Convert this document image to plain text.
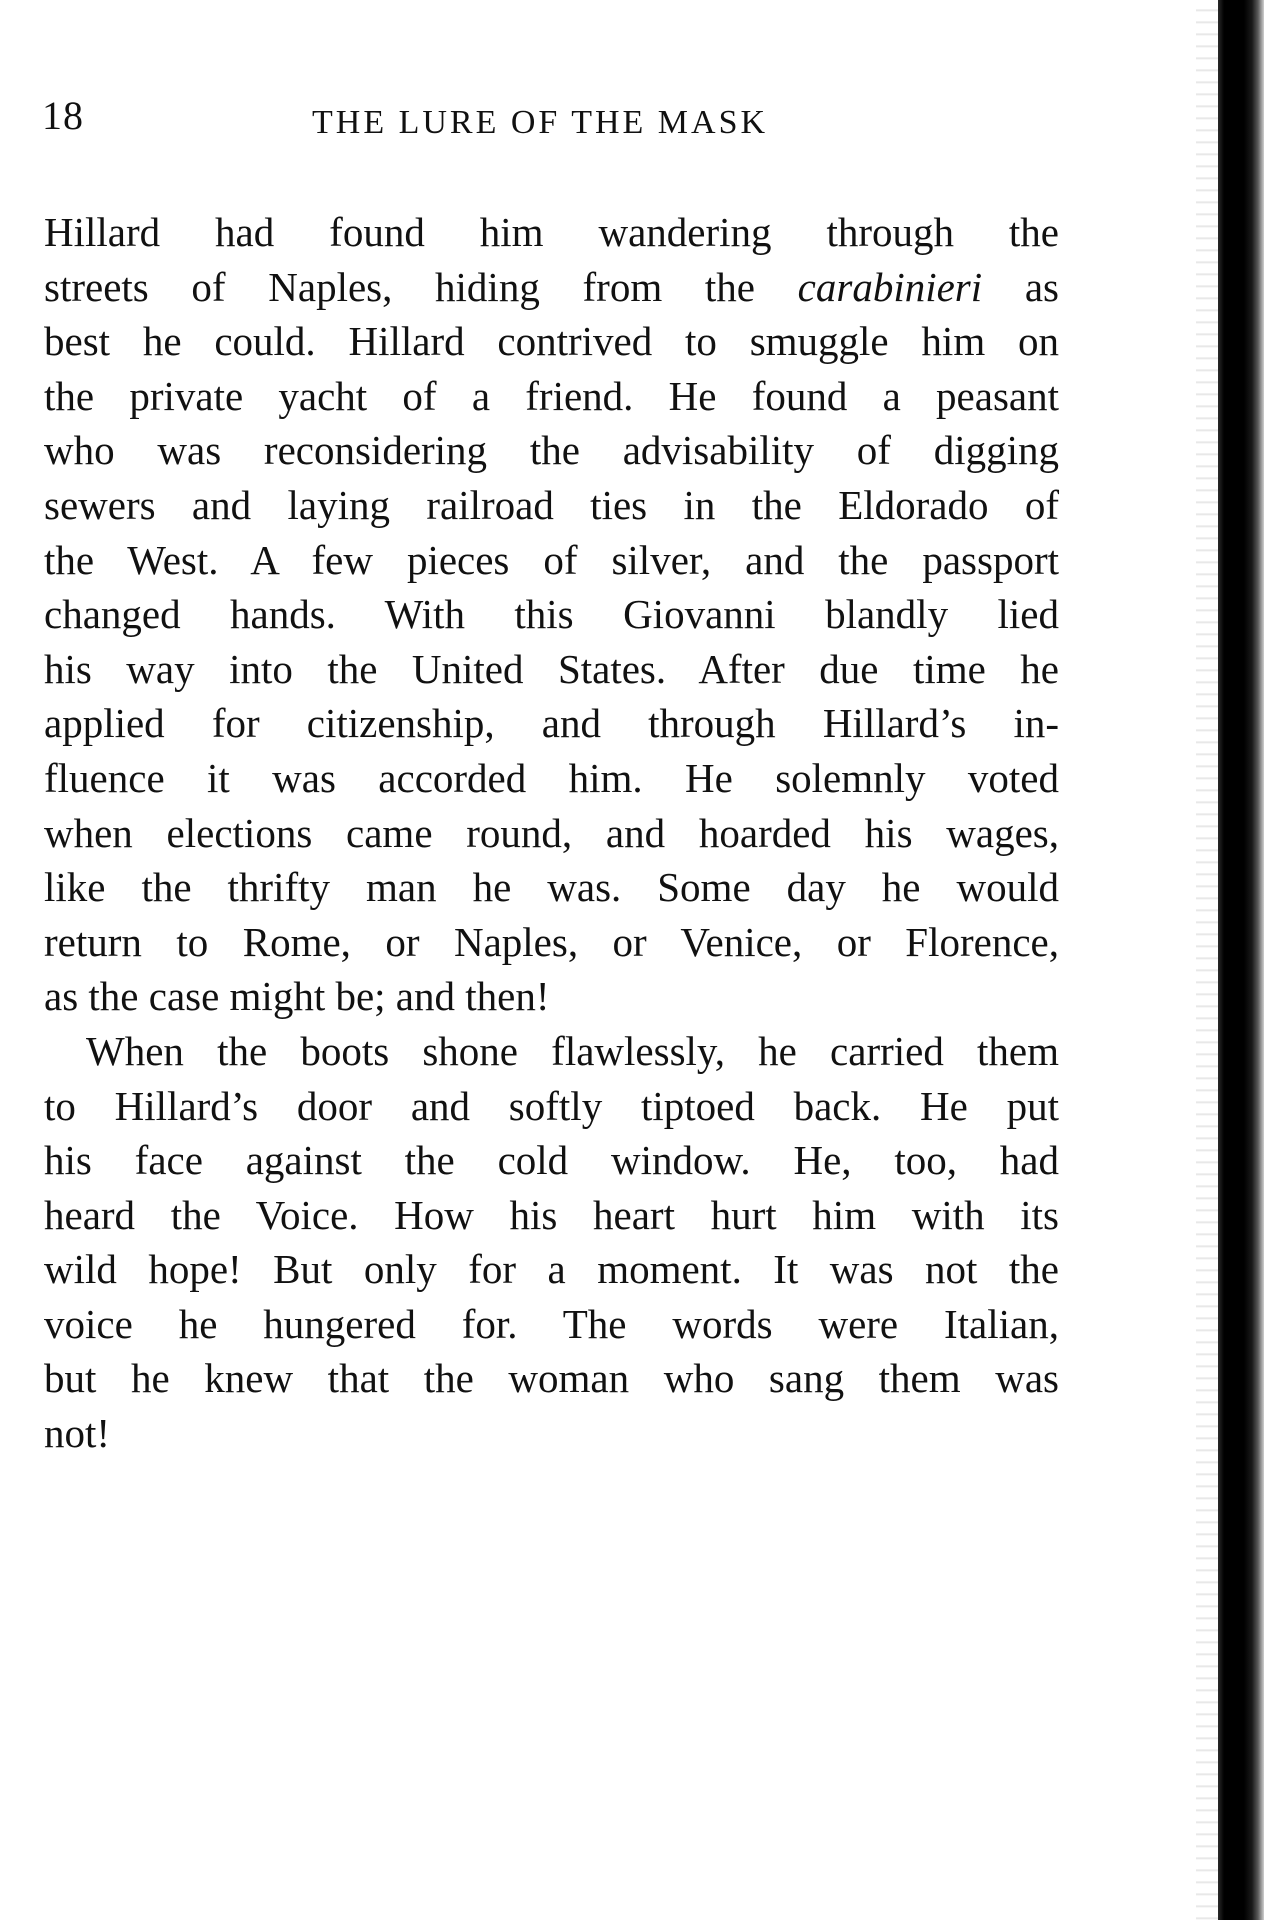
18	THE LURE OF THE MASK

Hillard had found him wandering through the
streets of Naples, hiding from the carabinieri as
best he could. Hillard contrived to smuggle him on
the private yacht of a friend. He found a peasant
who was reconsidering the advisability of digging
sewers and laying railroad ties in the Eldorado of
the West. A few pieces of silver, and the passport
changed hands. With this Giovanni blandly lied
his way into the United States. After due time he
applied for citizenship, and through Hillard’s in-
fluence it was accorded him. He solemnly voted
when elections came round, and hoarded his wages,
like the thrifty man he was. Some day he would
return to Rome, or Naples, or Venice, or Florence,
as the case might be; and then!

When the boots shone flawlessly, he carried them
to Hillard’s door and softly tiptoed back. He put
his face against the cold window. He, too, had
heard the Voice. How his heart hurt him with its
wild hope! But only for a moment. It was not the
voice he hungered for. The words were Italian,
but he knew that the woman who sang them was
not!
